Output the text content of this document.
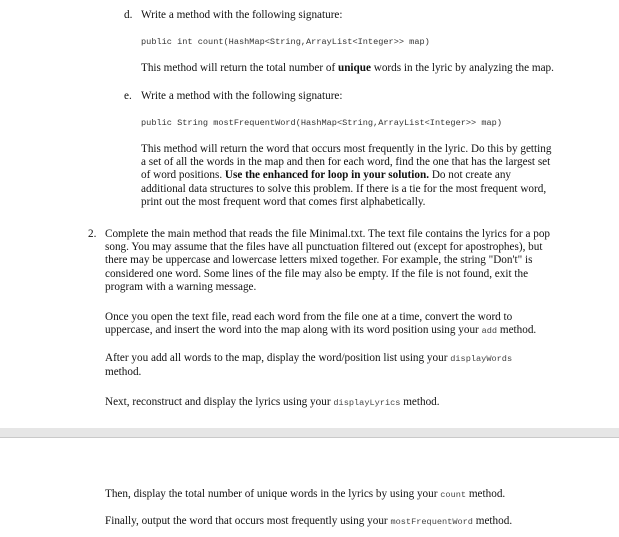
d. Write a method with the following signature:

public int count(HashMap<String,ArrayList<Integer>> map)

This method will return the total number of unique words in the lyric by analyzing the map.

e. Write a method with the following signature:

public String mostFrequentWord(HashMap<String,ArrayList<Integer>> map)

This method will return the word that occurs most frequently in the lyric. Do this by getting
a set of all the words in the map and then for each word, find the one that has the largest set
of word positions. Use the enhanced for loop in your solution. Do not create any
additional data structures to solve this problem. If there is a tie for the most frequent word,
print out the most frequent word that comes first alphabetically.
2. Complete the main method that reads the file Minimal.txt. The text file contains the lyrics for a pop
song. You may assume that the files have all punctuation filtered out (except for apostrophes), but
there may be uppercase and lowercase letters mixed together. For example, the string "Don't" is
considered one word. Some lines of the file may also be empty. If the file is not found, exit the
program with a warning message.
Once you open the text file, read each word from the file one at a time, convert the word to
uppercase, and insert the word into the map along with its word position using your add method.
After you add all words to the map, display the word/position list using your displayWords
method.

Next, reconstruct and display the lyrics using your displayLyrics method.

Then, display the total number of unique words in the lyrics by using your count method.

Finally, output the word that occurs most frequently using your mostFrequentWord method.
